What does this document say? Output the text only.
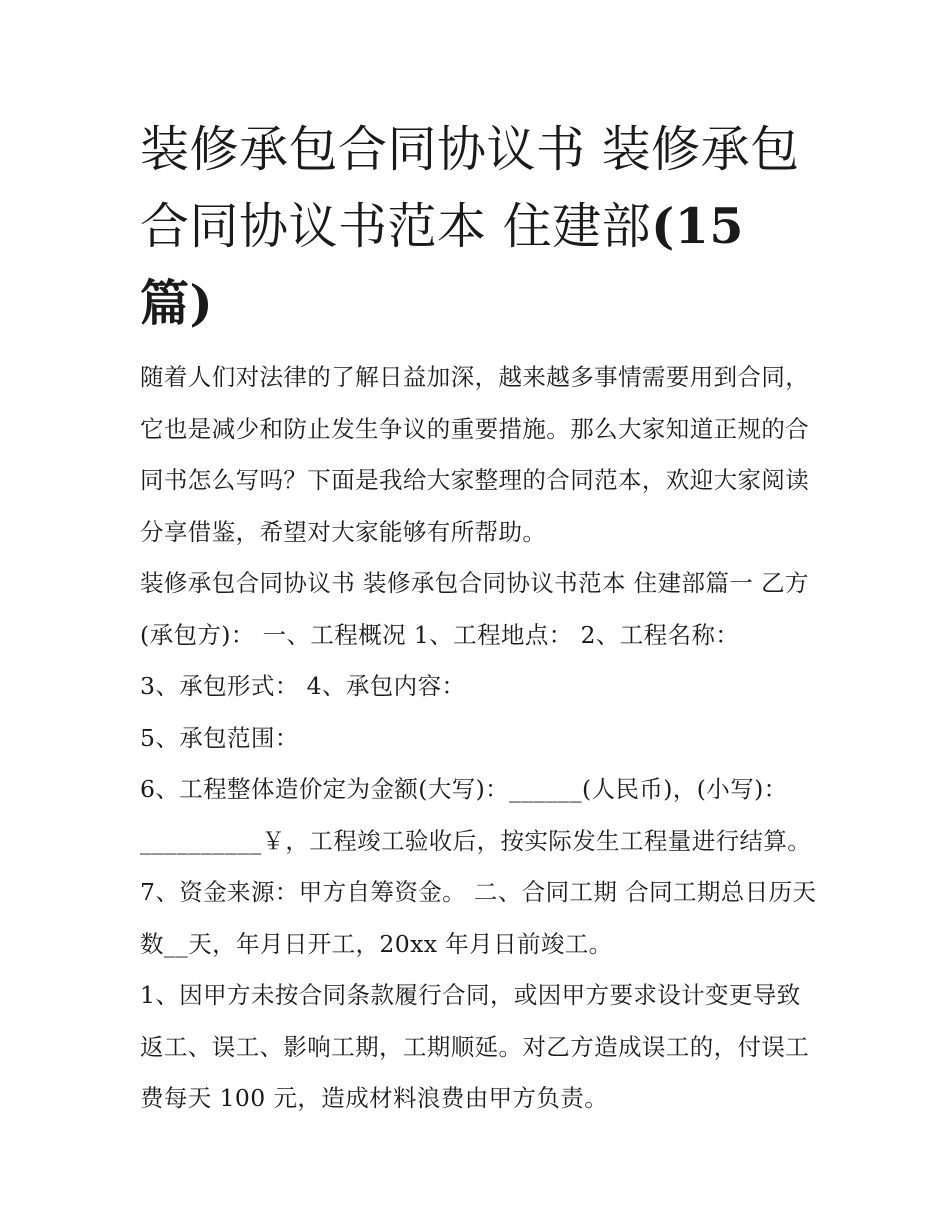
装修承包合同协议书 装修承包合同协议书范本 住建部(15 篇)

随着人们对法律的了解日益加深，越来越多事情需要用到合同，它也是减少和防止发生争议的重要措施。那么大家知道正规的合同书怎么写吗？下面是我给大家整理的合同范本，欢迎大家阅读分享借鉴，希望对大家能够有所帮助。

装修承包合同协议书 装修承包合同协议书范本 住建部篇一 乙方(承包方)： 一、工程概况 1、工程地点： 2、工程名称：

3、承包形式： 4、承包内容：

5、承包范围：

6、工程整体造价定为金额(大写)：______(人民币)，(小写)：__________￥，工程竣工验收后，按实际发生工程量进行结算。

7、资金来源：甲方自筹资金。 二、合同工期 合同工期总日历天数__天，年月日开工，20xx 年月日前竣工。

1、因甲方未按合同条款履行合同，或因甲方要求设计变更导致返工、误工、影响工期，工期顺延。对乙方造成误工的，付误工费每天 100 元，造成材料浪费由甲方负责。
